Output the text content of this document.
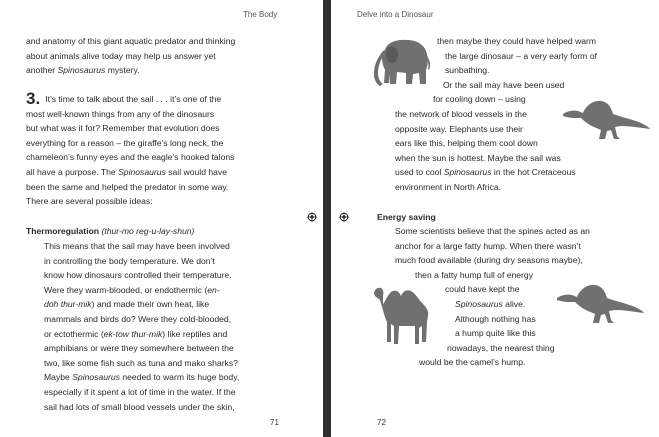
The Body
and anatomy of this giant aquatic predator and thinking
about animals alive today may help us answer yet
another Spinosaurus mystery.
3. It’s time to talk about the sail . . . it’s one of the
most well-known things from any of the dinosaurs
but what was it for? Remember that evolution does
everything for a reason – the giraffe’s long neck, the
chameleon’s funny eyes and the eagle’s hooked talons
all have a purpose. The Spinosaurus sail would have
been the same and helped the predator in some way.
There are several possible ideas:
Thermoregulation (thur-mo reg-u-lay-shun)
This means that the sail may have been involved
in controlling the body temperature. We don’t
know how dinosaurs controlled their temperature.
Were they warm-blooded, or endothermic (en-
doh thur-mik) and made their own heat, like
mammals and birds do? Were they cold-blooded,
or ectothermic (ek-tow thur-mik) like reptiles and
amphibians or were they somewhere between the
two, like some fish such as tuna and mako sharks?
Maybe Spinosaurus needed to warm its huge body,
especially if it spent a lot of time in the water. If the
sail had lots of small blood vessels under the skin,
71
Delve into a Dinosaur
then maybe they could have helped warm
the large dinosaur – a very early form of
sunbathing.
Or the sail may have been used
for cooling down – using
the network of blood vessels in the
opposite way. Elephants use their
ears like this, helping them cool down
when the sun is hottest. Maybe the sail was
used to cool Spinosaurus in the hot Cretaceous
environment in North Africa.
Energy saving
Some scientists believe that the spines acted as an
anchor for a large fatty hump. When there wasn’t
much food available (during dry seasons maybe),
then a fatty hump full of energy
could have kept the
Spinosaurus alive.
Although nothing has
a hump quite like this
nowadays, the nearest thing
would be the camel’s hump.
72
